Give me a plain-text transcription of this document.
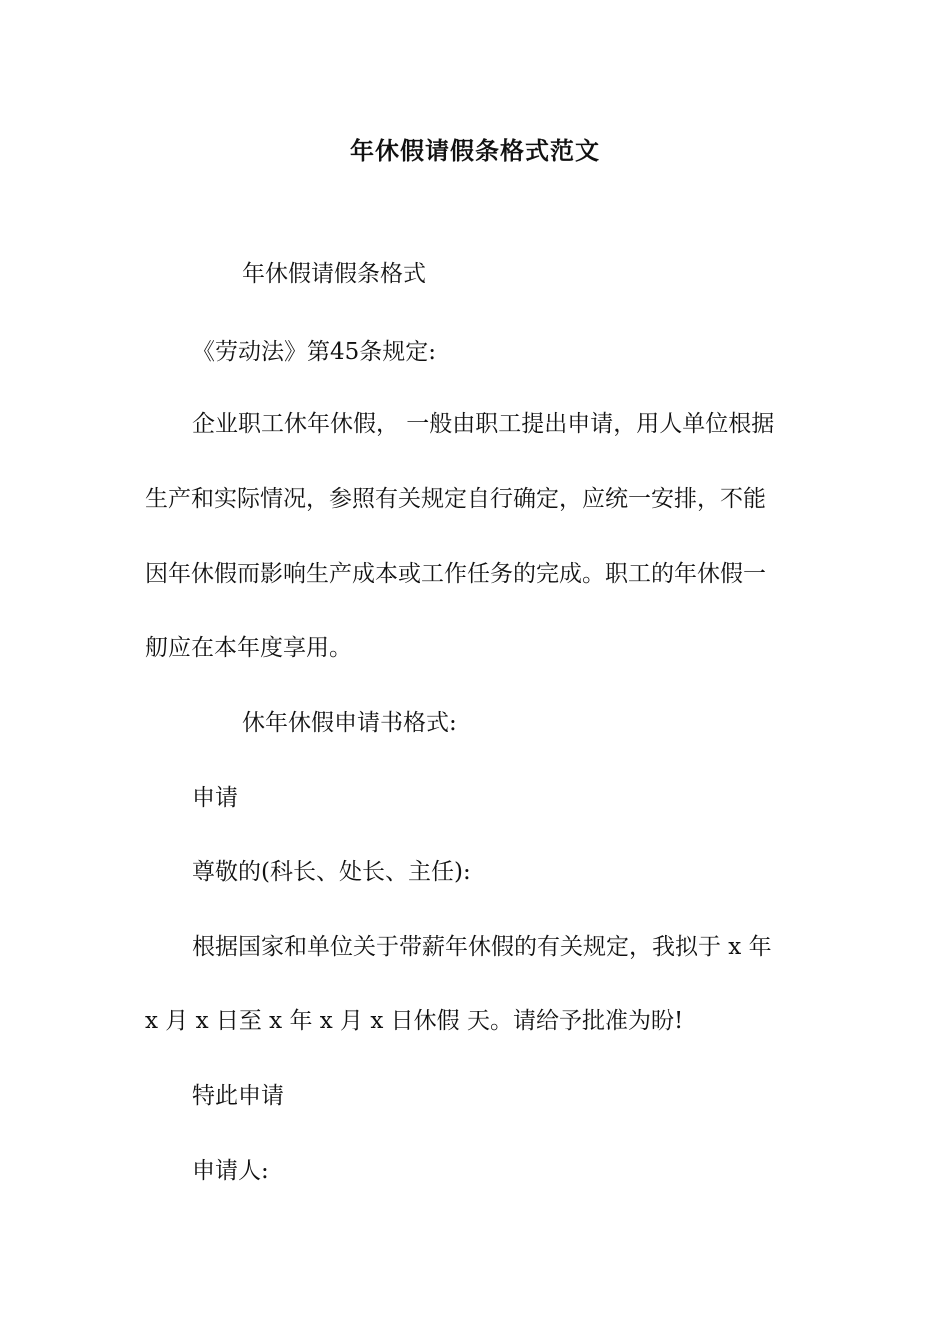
年休假请假条格式范文

年休假请假条格式

《劳动法》第45条规定:

企业职工休年休假， 一般由职工提出申请，用人单位根据

生产和实际情况，参照有关规定自行确定，应统一安排，不能

因年休假而影响生产成本或工作任务的完成。职工的年休假一

舠应在本年度享用。

休年休假申请书格式:

申请

尊敬的(科长、处长、主任):

根据国家和单位关于带薪年休假的有关规定，我拟于 x 年

x 月 x 日至 x 年 x 月 x 日休假 天。请给予批准为盼!

特此申请

申请人:
